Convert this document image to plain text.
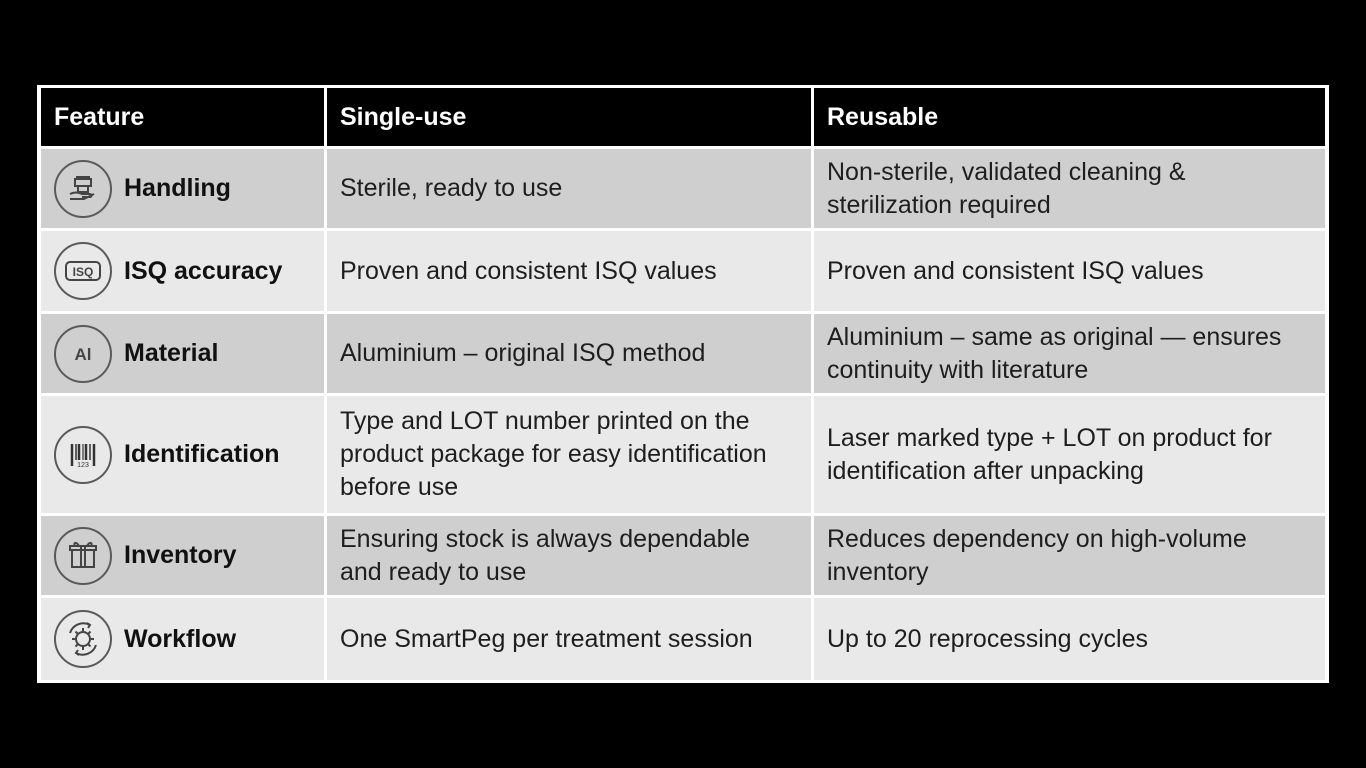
Feature	Single-use	Reusable

Handling	Sterile, ready to use	Non-sterile, validated cleaning & sterilization required

ISQ ISQ accuracy	Proven and consistent ISQ values	Proven and consistent ISQ values

Al Material	Aluminium – original ISQ method	Aluminium – same as original — ensures continuity with literature

123 Identification	Type and LOT number printed on the product package for easy identification before use	Laser marked type + LOT on product for identification after unpacking

Inventory	Ensuring stock is always dependable and ready to use	Reduces dependency on high-volume inventory

Workflow	One SmartPeg per treatment session	Up to 20 reprocessing cycles
